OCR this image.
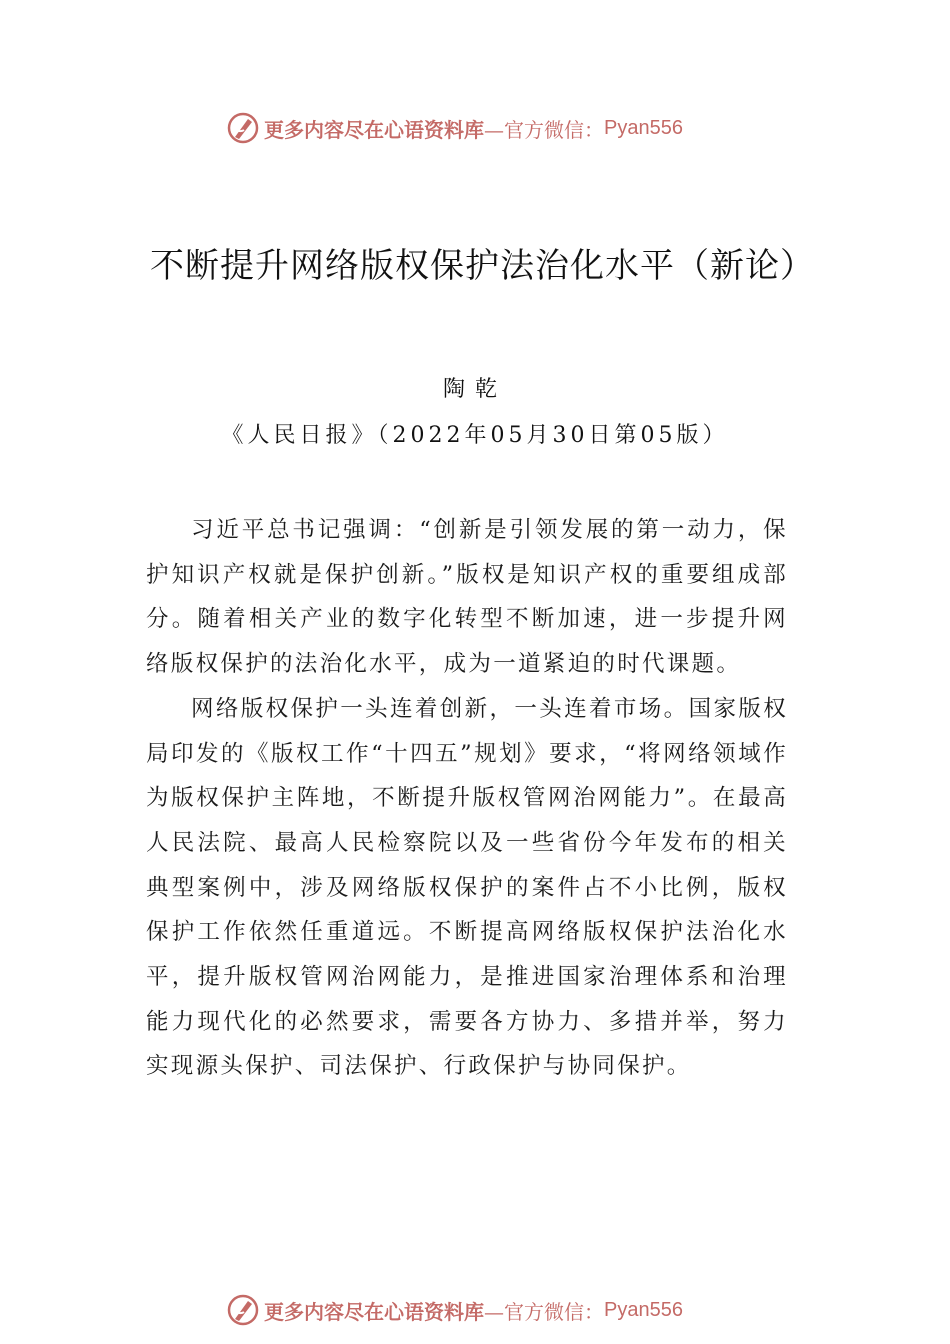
更多内容尽在心语资料库 —官方微信： Pyan556
不断提升网络版权保护法治化水平（新论）
陶乾
《人民日报》（2022年05月30日第05版）

习近平总书记强调：“创新是引领发展的第一动力，保护知识产权就是保护创新。”版权是知识产权的重要组成部分。随着相关产业的数字化转型不断加速，进一步提升网络版权保护的法治化水平，成为一道紧迫的时代课题。

网络版权保护一头连着创新，一头连着市场。国家版权局印发的《版权工作“十四五”规划》要求，“将网络领域作为版权保护主阵地，不断提升版权管网治网能力”。在最高人民法院、最高人民检察院以及一些省份今年发布的相关典型案例中，涉及网络版权保护的案件占不小比例，版权保护工作依然任重道远。不断提高网络版权保护法治化水平，提升版权管网治网能力，是推进国家治理体系和治理能力现代化的必然要求，需要各方协力、多措并举，努力实现源头保护、司法保护、行政保护与协同保护。

更多内容尽在心语资料库 —官方微信： Pyan556
